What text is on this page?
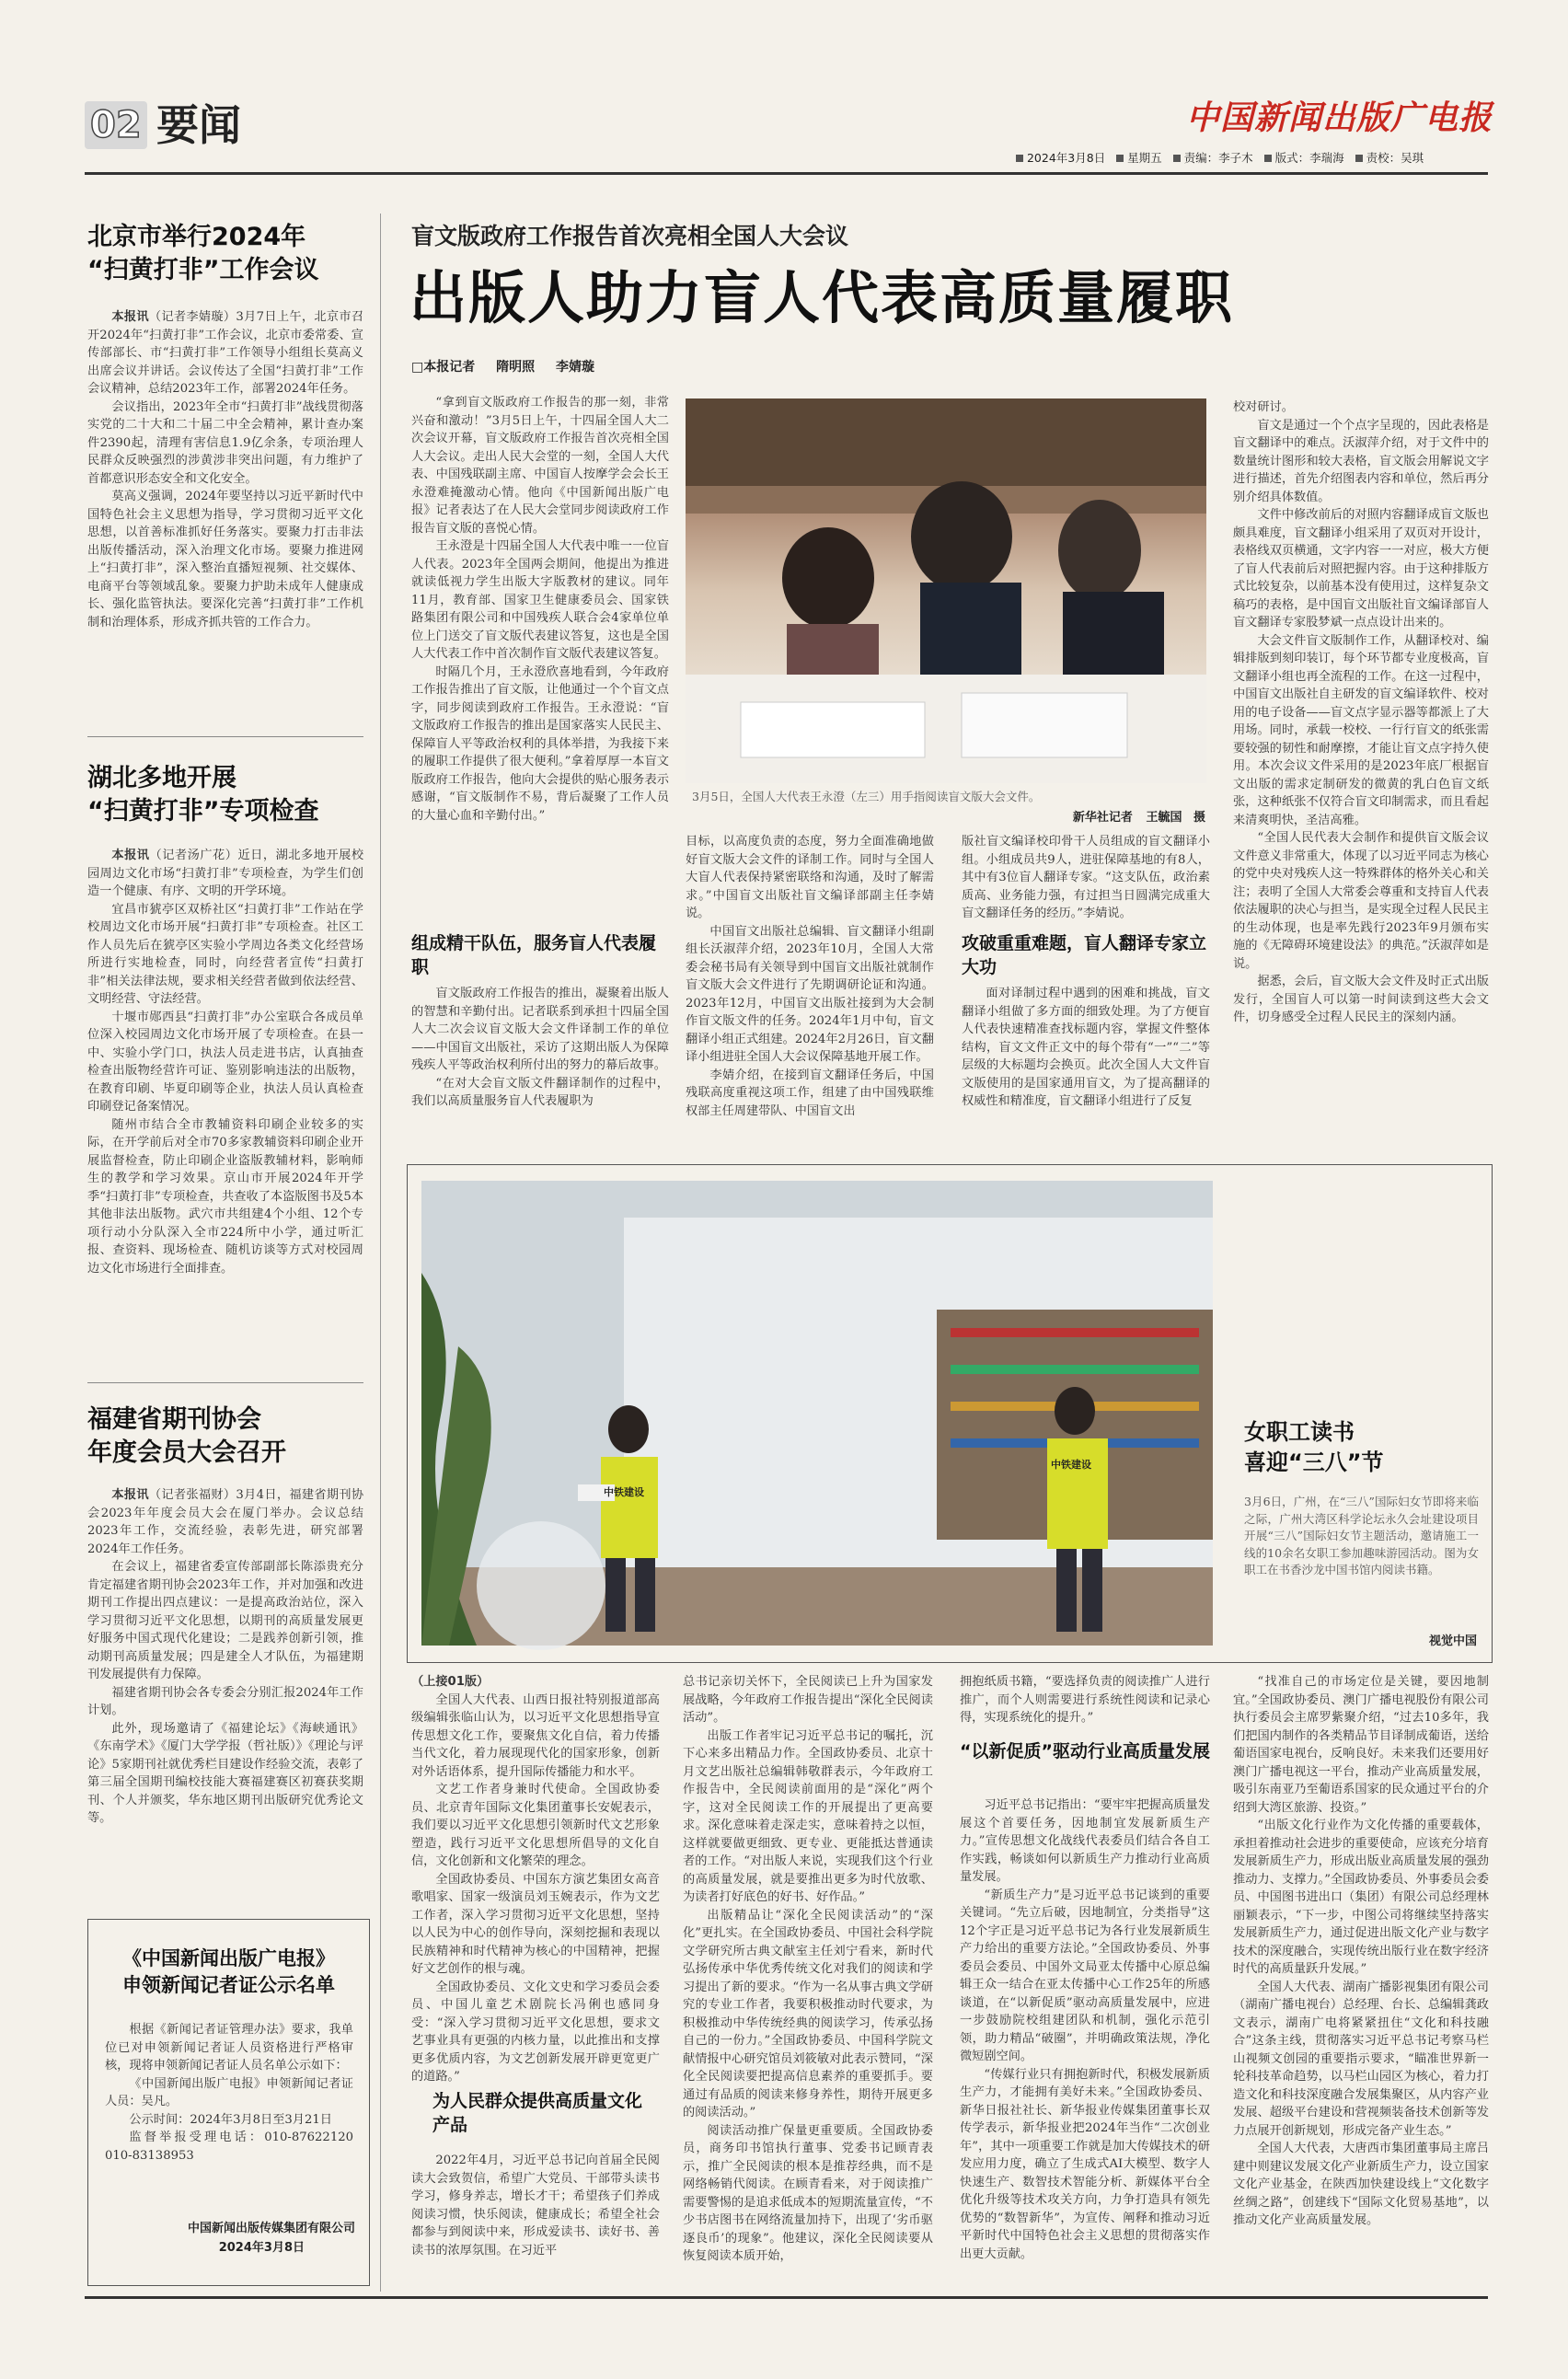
02 要闻	中国新闻出版广电报
2024年3月8日 星期五 责编：李子木 版式：李瑞海 责校：吴琪
北京市举行2024年
“扫黄打非”工作会议

本报讯（记者李婧璇）3月7日上午，北京市召开2024年“扫黄打非”工作会议，北京市委常委、宣传部部长、市“扫黄打非”工作领导小组组长莫高义出席会议并讲话。会议传达了全国“扫黄打非”工作会议精神，总结2023年工作，部署2024年任务。

会议指出，2023年全市“扫黄打非”战线贯彻落实党的二十大和二十届二中全会精神，累计查办案件2390起，清理有害信息1.9亿余条，专项治理人民群众反映强烈的涉黄涉非突出问题，有力维护了首都意识形态安全和文化安全。

莫高义强调，2024年要坚持以习近平新时代中国特色社会主义思想为指导，学习贯彻习近平文化思想，以首善标准抓好任务落实。要聚力打击非法出版传播活动，深入治理文化市场。要聚力推进网上“扫黄打非”，深入整治直播短视频、社交媒体、电商平台等领域乱象。要聚力护助未成年人健康成长、强化监管执法。要深化完善“扫黄打非”工作机制和治理体系，形成齐抓共管的工作合力。

湖北多地开展
“扫黄打非”专项检查

本报讯（记者汤广花）近日，湖北多地开展校园周边文化市场“扫黄打非”专项检查，为学生们创造一个健康、有序、文明的开学环境。

宜昌市猇亭区双桥社区“扫黄打非”工作站在学校周边文化市场开展“扫黄打非”专项检查。社区工作人员先后在猇亭区实验小学周边各类文化经营场所进行实地检查，同时，向经营者宣传“扫黄打非”相关法律法规，要求相关经营者做到依法经营、文明经营、守法经营。

十堰市郧西县“扫黄打非”办公室联合各成员单位深入校园周边文化市场开展了专项检查。在县一中、实验小学门口，执法人员走进书店，认真抽查检查出版物经营许可证、鉴别影响违法的出版物，在教育印刷、毕夏印刷等企业，执法人员认真检查印刷登记备案情况。

随州市结合全市教辅资料印刷企业较多的实际，在开学前后对全市70多家教辅资料印刷企业开展监督检查，防止印刷企业盗版教辅材料，影响师生的教学和学习效果。京山市开展2024年开学季“扫黄打非”专项检查，共查收了本盗版图书及5本其他非法出版物。武穴市共组建4个小组、12个专项行动小分队深入全市224所中小学，通过听汇报、查资料、现场检查、随机访谈等方式对校园周边文化市场进行全面排查。

福建省期刊协会
年度会员大会召开

本报讯（记者张福财）3月4日，福建省期刊协会2023年年度会员大会在厦门举办。会议总结2023年工作，交流经验，表彰先进，研究部署2024年工作任务。

在会议上，福建省委宣传部副部长陈添贵充分肯定福建省期刊协会2023年工作，并对加强和改进期刊工作提出四点建议：一是提高政治站位，深入学习贯彻习近平文化思想，以期刊的高质量发展更好服务中国式现代化建设；二是践养创新引领，推动期刊高质量发展；四是建全人才队伍，为福建期刊发展提供有力保障。

福建省期刊协会各专委会分别汇报2024年工作计划。

此外，现场邀请了《福建论坛》《海峡通讯》《东南学术》《厦门大学学报（哲社版）》《理论与评论》5家期刊社就优秀栏目建设作经验交流，表彰了第三届全国期刊编校技能大赛福建赛区初赛获奖期刊、个人并颁奖，华东地区期刊出版研究优秀论文等。

《中国新闻出版广电报》
申领新闻记者证公示名单

根据《新闻记者证管理办法》要求，我单位已对申领新闻记者证人员资格进行严格审核，现将申领新闻记者证人员名单公示如下：

《中国新闻出版广电报》申领新闻记者证人员：吴凡。

公示时间：2024年3月8日至3月21日

监督举报受理电话：010-87622120　010-83138953

中国新闻出版传媒集团有限公司
2024年3月8日
盲文版政府工作报告首次亮相全国人大会议
出版人助力盲人代表高质量履职
□本报记者 隋明照 李婧璇

“拿到盲文版政府工作报告的那一刻，非常兴奋和激动！”3月5日上午，十四届全国人大二次会议开幕，盲文版政府工作报告首次亮相全国人大会议。走出人民大会堂的一刻，全国人大代表、中国残联副主席、中国盲人按摩学会会长王永澄难掩激动心情。他向《中国新闻出版广电报》记者表达了在人民大会堂同步阅读政府工作报告盲文版的喜悦心情。

王永澄是十四届全国人大代表中唯一一位盲人代表。2023年全国两会期间，他提出为推进就读低视力学生出版大字版教材的建议。同年11月，教育部、国家卫生健康委员会、国家铁路集团有限公司和中国残疾人联合会4家单位单位上门送交了盲文版代表建议答复，这也是全国人大代表工作中首次制作盲文版代表建议答复。

时隔几个月，王永澄欣喜地看到，今年政府工作报告推出了盲文版，让他通过一个个盲文点字，同步阅读到政府工作报告。王永澄说：“盲文版政府工作报告的推出是国家落实人民民主、保障盲人平等政治权利的具体举措，为我接下来的履职工作提供了很大便利。”拿着厚厚一本盲文版政府工作报告，他向大会提供的贴心服务表示感谢，“盲文版制作不易，背后凝聚了工作人员的大量心血和辛勤付出。”

组成精干队伍，服务盲人代表履职

盲文版政府工作报告的推出，凝聚着出版人的智慧和辛勤付出。记者联系到承担十四届全国人大二次会议盲文版大会文件译制工作的单位——中国盲文出版社，采访了这期出版人为保障残疾人平等政治权利所付出的努力的幕后故事。

“在对大会盲文版文件翻译制作的过程中，我们以高质量服务盲人代表履职为

3月5日，全国人大代表王永澄（左三）用手指阅读盲文版大会文件。
新华社记者 王毓国 摄

目标，以高度负责的态度，努力全面准确地做好盲文版大会文件的译制工作。同时与全国人大盲人代表保持紧密联络和沟通，及时了解需求。”中国盲文出版社盲文编译部副主任李婧说。

中国盲文出版社总编辑、盲文翻译小组副组长沃淑萍介绍，2023年10月，全国人大常委会秘书局有关领导到中国盲文出版社就制作盲文版大会文件进行了先期调研论证和沟通。2023年12月，中国盲文出版社接到为大会制作盲文版文件的任务。2024年1月中旬，盲文翻译小组正式组建。2024年2月26日，盲文翻译小组进驻全国人大会议保障基地开展工作。

李婧介绍，在接到盲文翻译任务后，中国残联高度重视这项工作，组建了由中国残联维权部主任周建带队、中国盲文出

版社盲文编译校印骨干人员组成的盲文翻译小组。小组成员共9人，进驻保障基地的有8人，其中有3位盲人翻译专家。“这支队伍，政治素质高、业务能力强，有过担当日圆满完成重大盲文翻译任务的经历。”李婧说。

攻破重重难题，盲人翻译专家立大功

面对译制过程中遇到的困难和挑战，盲文翻译小组做了多方面的细致处理。为了方便盲人代表快速精准查找标题内容，掌握文件整体结构，盲文文件正文中的每个带有“一”“二”等层级的大标题均会换页。此次全国人大文件盲文版使用的是国家通用盲文，为了提高翻译的权威性和精准度，盲文翻译小组进行了反复

校对研讨。

盲文是通过一个个点字呈现的，因此表格是盲文翻译中的难点。沃淑萍介绍，对于文件中的数量统计图形和较大表格，盲文版会用解说文字进行描述，首先介绍图表内容和单位，然后再分别介绍具体数值。

文件中修改前后的对照内容翻译成盲文版也颇具难度，盲文翻译小组采用了双页对开设计，表格线双页横通，文字内容一一对应，极大方便了盲人代表前后对照把握内容。由于这种排版方式比较复杂，以前基本没有使用过，这样复杂文稿巧的表格，是中国盲文出版社盲文编译部盲人盲文翻译专家股梦斌一点点设计出来的。

大会文件盲文版制作工作，从翻译校对、编辑排版到刻印装订，每个环节都专业度极高，盲文翻译小组也再全流程的工作。在这一过程中，中国盲文出版社自主研发的盲文编译软件、校对用的电子设备——盲文点字显示器等都派上了大用场。同时，承载一校校、一行行盲文的纸张需要较强的韧性和耐摩擦，才能让盲文点字持久使用。本次会议文件采用的是2023年底厂根据盲文出版的需求定制研发的微黄的乳白色盲文纸张，这种纸张不仅符合盲文印制需求，而且看起来清爽明快，圣洁高雅。

“全国人民代表大会制作和提供盲文版会议文件意义非常重大，体现了以习近平同志为核心的党中央对残疾人这一特殊群体的格外关心和关注；表明了全国人大常委会尊重和支持盲人代表依法履职的决心与担当，是实现全过程人民民主的生动体现，也是率先践行2023年9月颁布实施的《无障碍环境建设法》的典范。”沃淑萍如是说。

据悉，会后，盲文版大会文件及时正式出版发行，全国盲人可以第一时间读到这些大会文件，切身感受全过程人民民主的深刻内涵。

中铁建设
中铁建设
女职工读书
喜迎“三八”节
3月6日，广州，在“三八”国际妇女节即将来临之际，广州大湾区科学论坛永久会址建设项目开展“三八”国际妇女节主题活动，邀请施工一线的10余名女职工参加趣味游园活动。图为女职工在书香沙龙中国书馆内阅读书籍。
视觉中国

（上接01版）

全国人大代表、山西日报社特别报道部高级编辑张临山认为，以习近平文化思想指导宣传思想文化工作，要聚焦文化自信，着力传播当代文化，着力展现现代化的国家形象，创新对外话语体系，提升国际传播能力和水平。

文艺工作者身兼时代使命。全国政协委员、北京青年国际文化集团董事长安妮表示，我们要以习近平文化思想引领新时代文艺形象塑造，践行习近平文化思想所倡导的文化自信，文化创新和文化繁荣的理念。

全国政协委员、中国东方演艺集团女高音歌唱家、国家一级演员刘玉婉表示，作为文艺工作者，深入学习贯彻习近平文化思想，坚持以人民为中心的创作导向，深刻挖掘和表现以民族精神和时代精神为核心的中国精神，把握好文艺创作的根与魂。

全国政协委员、文化文史和学习委员会委员、中国儿童艺术剧院长冯俐也感同身受：“深入学习贯彻习近平文化思想，要求文艺事业具有更强的内核力量，以此推出和支撑更多优质内容，为文艺创新发展开辟更宽更广的道路。”

为人民群众提供高质量文化产品

2022年4月，习近平总书记向首届全民阅读大会致贺信，希望广大党员、干部带头读书学习，修身养志，增长才干；希望孩子们养成阅读习惯，快乐阅读，健康成长；希望全社会都参与到阅读中来，形成爱读书、读好书、善读书的浓厚氛围。在习近平

总书记亲切关怀下，全民阅读已上升为国家发展战略，今年政府工作报告提出“深化全民阅读活动”。

出版工作者牢记习近平总书记的嘱托，沉下心来多出精品力作。全国政协委员、北京十月文艺出版社总编辑韩敬群表示，今年政府工作报告中，全民阅读前面用的是“深化”两个字，这对全民阅读工作的开展提出了更高要求。深化意味着走深走实，意味着持之以恒，这样就要做更细致、更专业、更能抵达普通读者的工作。“对出版人来说，实现我们这个行业的高质量发展，就是要推出更多为时代放歌、为读者打好底色的好书、好作品。”

出版精品让“深化全民阅读活动”的“深化”更扎实。在全国政协委员、中国社会科学院文学研究所古典文献室主任刘宁看来，新时代弘扬传承中华优秀传统文化对我们的阅读和学习提出了新的要求。“作为一名从事古典文学研究的专业工作者，我要积极推动时代要求，为积极推动中华传统经典的阅读学习，传承弘扬自己的一份力。”全国政协委员、中国科学院文献情报中心研究馆员刘筱敏对此表示赞同，“深化全民阅读要把提高信息素养的重要抓手。要通过有品质的阅读来修身养性，期待开展更多的阅读活动。”

阅读活动推广保量更重要质。全国政协委员，商务印书馆执行董事、党委书记顾青表示，推广全民阅读的根本是推荐经典，而不是网络畅销代阅读。在顾青看来，对于阅读推广需要警惕的是追求低成本的短期流量宣传，“不少书店图书在网络流量加持下，出现了‘劣币驱逐良币’的现象”。他建议，深化全民阅读要从恢复阅读本质开始，

拥抱纸质书籍，“要选择负责的阅读推广人进行推广，而个人则需要进行系统性阅读和记录心得，实现系统化的提升。”

“以新促质”驱动行业高质量发展

习近平总书记指出：“要牢牢把握高质量发展这个首要任务，因地制宜发展新质生产力。”宣传思想文化战线代表委员们结合各自工作实践，畅谈如何以新质生产力推动行业高质量发展。

“新质生产力”是习近平总书记谈到的重要关键词。“先立后破，因地制宜，分类指导”这12个字正是习近平总书记为各行业发展新质生产力给出的重要方法论。”全国政协委员、外事委员会委员、中国外文局亚太传播中心原总编辑王众一结合在亚太传播中心工作25年的所感谈道，在“以新促质”驱动高质量发展中，应进一步鼓励院校组建团队和机制，强化示范引领，助力精品“破圈”，并明确政策法规，净化微短剧空间。

“传媒行业只有拥抱新时代，积极发展新质生产力，才能拥有美好未来。”全国政协委员、新华日报社社长、新华报业传媒集团董事长双传学表示，新华报业把2024年当作“二次创业年”，其中一项重要工作就是加大传媒技术的研发应用力度，确立了生成式AI大模型、数字人快速生产、数智技术智能分析、新媒体平台全优化升级等技术攻关方向，力争打造具有领先优势的“数智新华”，为宣传、阐释和推动习近平新时代中国特色社会主义思想的贯彻落实作出更大贡献。

“找准自己的市场定位是关键，要因地制宜。”全国政协委员、澳门广播电视股份有限公司执行委员会主席罗紫聚介绍，“过去10多年，我们把国内制作的各类精品节目译制成葡语，送给葡语国家电视台，反响良好。未来我们还要用好澳门广播电视这一平台，推动产业高质量发展，吸引东南亚乃至葡语系国家的民众通过平台的介绍到大湾区旅游、投资。”

“出版文化行业作为文化传播的重要载体，承担着推动社会进步的重要使命，应该充分培育发展新质生产力，形成出版业高质量发展的强劲推动力、支撑力。”全国政协委员、外事委员会委员、中国图书进出口（集团）有限公司总经理林丽颖表示，“下一步，中图公司将继续坚持落实发展新质生产力，通过促进出版文化产业与数字技术的深度融合，实现传统出版行业在数字经济时代的高质量跃升发展。”

全国人大代表、湖南广播影视集团有限公司（湖南广播电视台）总经理、台长、总编辑龚政文表示，湖南广电将紧紧扭住“文化和科技融合”这条主线，贯彻落实习近平总书记考察马栏山视频文创园的重要指示要求，“瞄准世界新一轮科技革命趋势，以马栏山园区为核心，着力打造文化和科技深度融合发展集聚区，从内容产业发展、超级平台建设和营视频装备技术创新等发力点展开创新规划，形成完备产业生态。”

全国人大代表，大唐西市集团董事局主席吕建中则建议发展文化产业新质生产力，设立国家文化产业基金，在陕西加快建设线上“文化数字丝绸之路”，创建线下“国际文化贸易基地”，以推动文化产业高质量发展。
